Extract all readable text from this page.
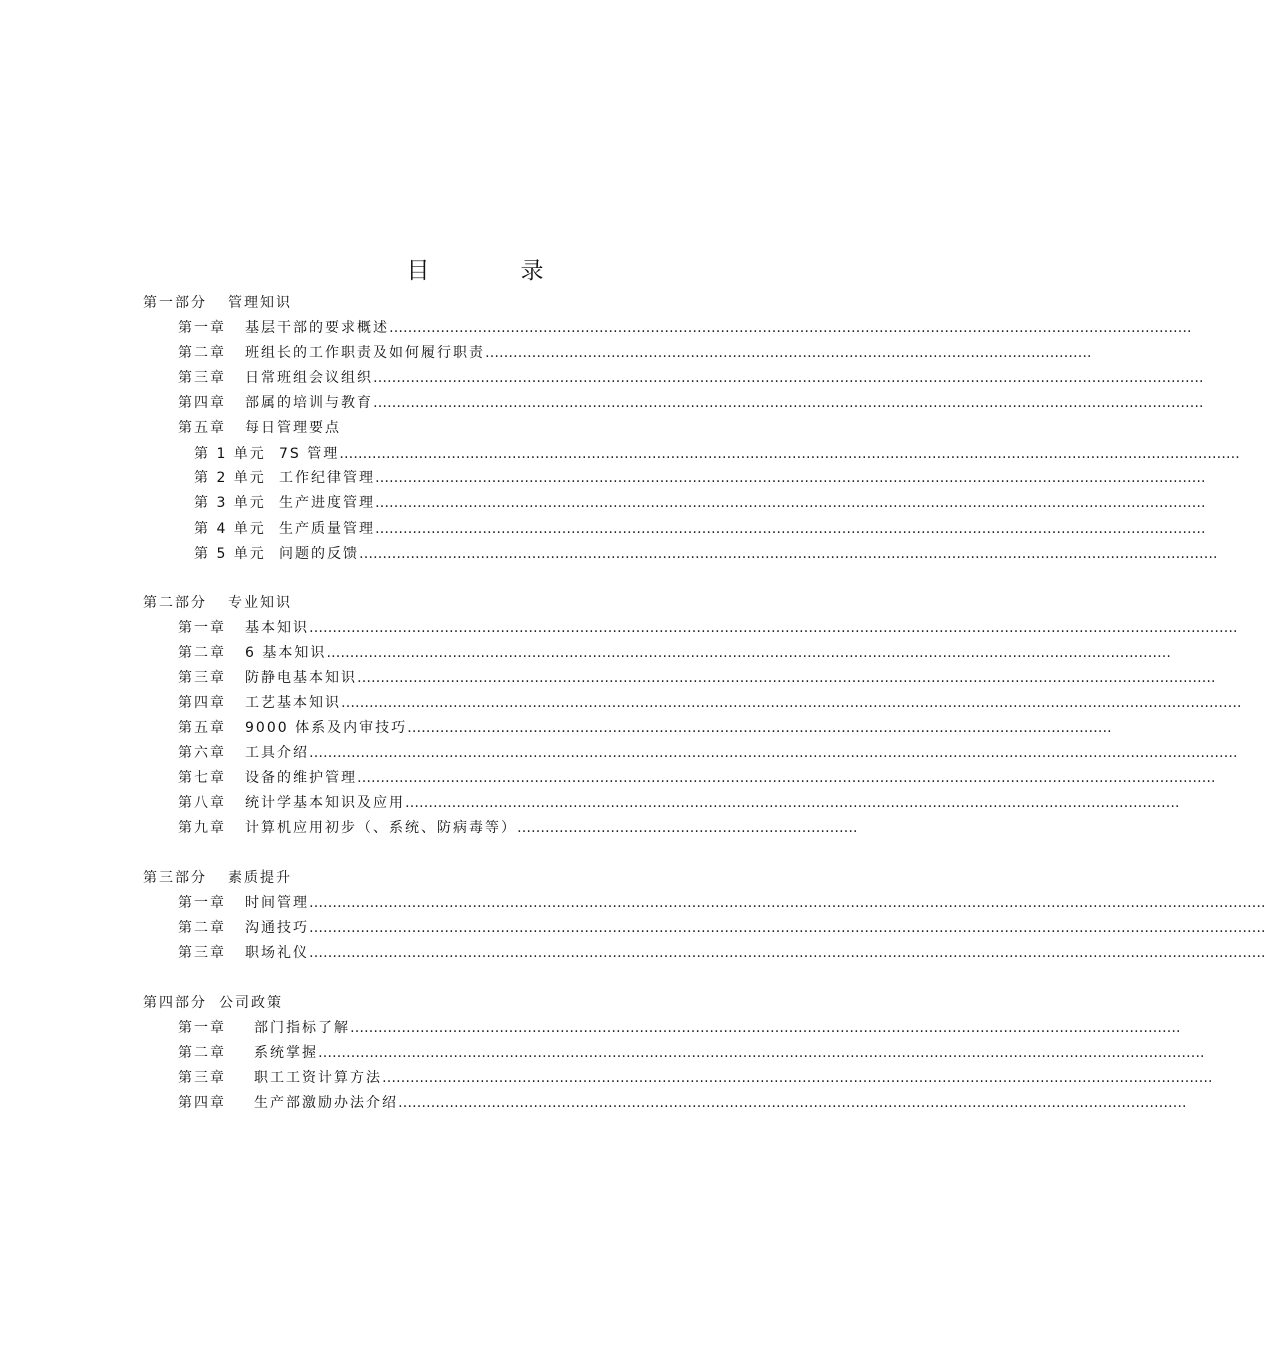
目　录
第一部分 管理知识
第一章 基层干部的要求概述……………………………………………………………………………………………………………………………………………………….
第二章 班组长的工作职责及如何履行职责………………………………………………………………………………………………………………….
第三章 日常班组会议组织…………………………………………………………………………………………………………………………………………………………….
第四章 部属的培训与教育…………………………………………………………………………………………………………………………………………………………….
第五章 每日管理要点
第 1 单元 7S 管理………………………………………………………………………………………………………………………………………………………………………….
第 2 单元 工作纪律管理…………………………………………………………………………………………………………………………………………………………….
第 3 单元 生产进度管理…………………………………………………………………………………………………………………………………………………………….
第 4 单元 生产质量管理…………………………………………………………………………………………………………………………………………………………….
第 5 单元 问题的反馈………………………………………………………………………………………………………………………………………………………………….
第二部分 专业知识
第一章 基本知识……………………………………………………………………………………………………………………………………………………………………………….
第二章 6 基本知识……………………………………………………………………………………………………………………………………………………………….
第三章 防静电基本知识………………………………………………………………………………………………………………………………………………………………….
第四章 工艺基本知识………………………………………………………………………………………………………………………………………………………………………….
第五章 9000 体系及内审技巧…………………………………………………………………………………………………………………………………….
第六章 工具介绍……………………………………………………………………………………………………………………………………………………………………………….
第七章 设备的维护管理………………………………………………………………………………………………………………………………………………………………….
第八章 统计学基本知识及应用………………………………………………………………………………………………………………………………………………….
第九章 计算机应用初步（、系统、防病毒等）……………………………………………………………….
第三部分 素质提升
第一章 时间管理…………………………………………………………………………………………………………………………………………………………………………………….
第二章 沟通技巧…………………………………………………………………………………………………………………………………………………………………………………….
第三章 职场礼仪…………………………………………………………………………………………………………………………………………………………………………………….
第四部分 公司政策
第一章 部门指标了解…………………………………………………………………………………………………………………………………………………………….
第二章 系统掌握……………………………………………………………………………………………………………………………………………………………………….
第三章 职工工资计算方法…………………………………………………………………………………………………………………………………………………………….
第四章 生产部激励办法介绍…………………………………………………………………………………………………………………………………………………….
